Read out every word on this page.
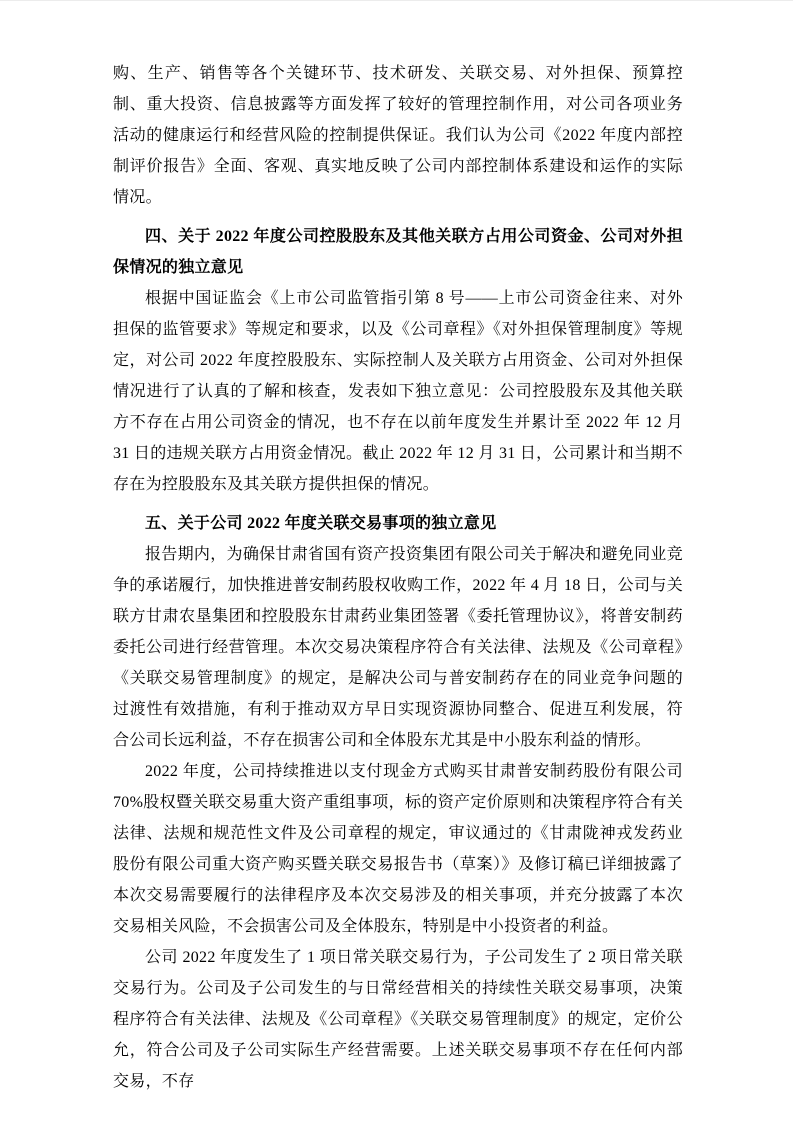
购、生产、销售等各个关键环节、技术研发、关联交易、对外担保、预算控制、重大投资、信息披露等方面发挥了较好的管理控制作用，对公司各项业务活动的健康运行和经营风险的控制提供保证。我们认为公司《2022 年度内部控制评价报告》全面、客观、真实地反映了公司内部控制体系建设和运作的实际情况。

四、关于 2022 年度公司控股股东及其他关联方占用公司资金、公司对外担保情况的独立意见

根据中国证监会《上市公司监管指引第 8 号——上市公司资金往来、对外担保的监管要求》等规定和要求，以及《公司章程》《对外担保管理制度》等规定，对公司 2022 年度控股股东、实际控制人及关联方占用资金、公司对外担保情况进行了认真的了解和核查，发表如下独立意见：公司控股股东及其他关联方不存在占用公司资金的情况，也不存在以前年度发生并累计至 2022 年 12 月 31 日的违规关联方占用资金情况。截止 2022 年 12 月 31 日，公司累计和当期不存在为控股股东及其关联方提供担保的情况。

五、关于公司 2022 年度关联交易事项的独立意见

报告期内，为确保甘肃省国有资产投资集团有限公司关于解决和避免同业竞争的承诺履行，加快推进普安制药股权收购工作，2022 年 4 月 18 日，公司与关联方甘肃农垦集团和控股股东甘肃药业集团签署《委托管理协议》，将普安制药委托公司进行经营管理。本次交易决策程序符合有关法律、法规及《公司章程》《关联交易管理制度》的规定，是解决公司与普安制药存在的同业竞争问题的过渡性有效措施，有利于推动双方早日实现资源协同整合、促进互利发展，符合公司长远利益，不存在损害公司和全体股东尤其是中小股东利益的情形。

2022 年度，公司持续推进以支付现金方式购买甘肃普安制药股份有限公司 70%股权暨关联交易重大资产重组事项，标的资产定价原则和决策程序符合有关法律、法规和规范性文件及公司章程的规定，审议通过的《甘肃陇神戎发药业股份有限公司重大资产购买暨关联交易报告书（草案）》及修订稿已详细披露了本次交易需要履行的法律程序及本次交易涉及的相关事项，并充分披露了本次交易相关风险，不会损害公司及全体股东，特别是中小投资者的利益。

公司 2022 年度发生了 1 项日常关联交易行为，子公司发生了 2 项日常关联交易行为。公司及子公司发生的与日常经营相关的持续性关联交易事项，决策程序符合有关法律、法规及《公司章程》《关联交易管理制度》的规定，定价公允，符合公司及子公司实际生产经营需要。上述关联交易事项不存在任何内部交易，不存
